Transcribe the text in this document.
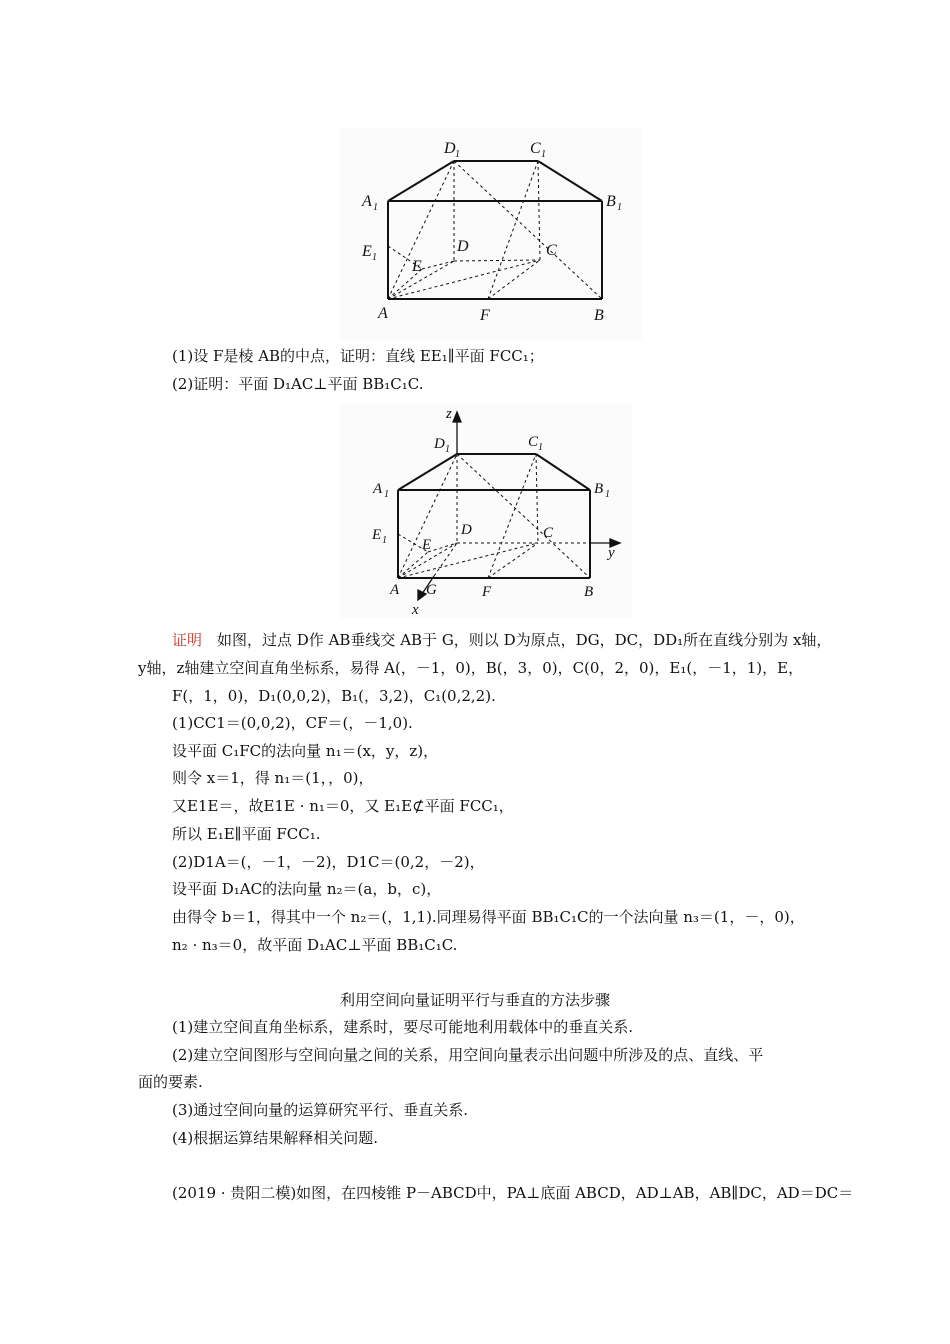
D 1	C 1
A 1	B 1
E 1
E
D	C
A	F	B
(1)设 F是棱 AB的中点，证明：直线 EE₁∥平面 FCC₁；
(2)证明：平面 D₁AC⊥平面 BB₁C₁C.
z
y
x
D 1	C 1
A 1	B 1
E 1 E
D	C
A G	F	B
证明　如图，过点 D作 AB垂线交 AB于 G，则以 D为原点，DG，DC，DD₁所在直线分别为 x轴，
y轴，z轴建立空间直角坐标系，易得 A(，－1，0)，B(，3，0)，C(0，2，0)，E₁(，－1，1)，E，
F(，1，0)，D₁(0,0,2)，B₁(，3,2)，C₁(0,2,2).
(1)CC1＝(0,0,2)，CF＝(，－1,0).
设平面 C₁FC的法向量 n₁＝(x，y，z)，
则令 x＝1，得 n₁＝(1，，0)，
又E1E＝，故E1E · n₁＝0，又 E₁E⊄平面 FCC₁，
所以 E₁E∥平面 FCC₁.
(2)D1A＝(，－1，－2)，D1C＝(0,2，－2)，
设平面 D₁AC的法向量 n₂＝(a，b，c)，
由得令 b＝1，得其中一个 n₂＝(，1,1).同理易得平面 BB₁C₁C的一个法向量 n₃＝(1，－，0)，
n₂ · n₃＝0，故平面 D₁AC⊥平面 BB₁C₁C.
利用空间向量证明平行与垂直的方法步骤
(1)建立空间直角坐标系，建系时，要尽可能地利用载体中的垂直关系.
(2)建立空间图形与空间向量之间的关系，用空间向量表示出问题中所涉及的点、直线、平
面的要素.
(3)通过空间向量的运算研究平行、垂直关系.
(4)根据运算结果解释相关问题.
(2019 · 贵阳二模)如图，在四棱锥 P－ABCD中，PA⊥底面 ABCD，AD⊥AB，AB∥DC，AD＝DC＝
